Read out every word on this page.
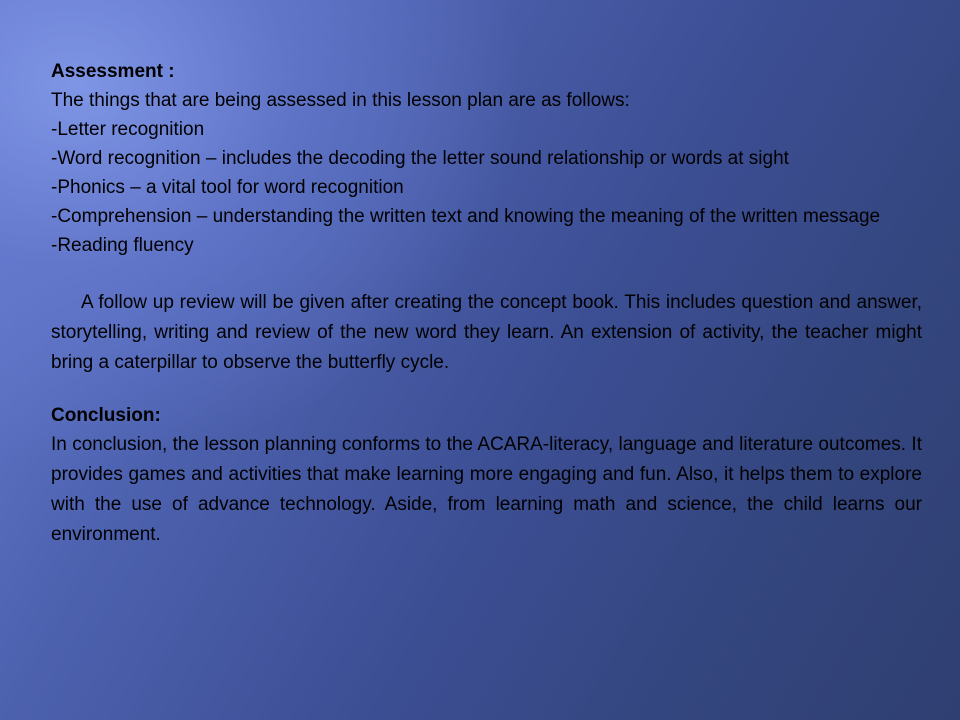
Assessment :
The things that are being assessed in this lesson plan are as follows:
-Letter recognition
-Word recognition – includes the decoding the letter sound relationship or words at sight
-Phonics – a vital tool for word recognition
-Comprehension – understanding the written text and knowing the meaning of the written message
-Reading fluency
A follow up review will be given after creating the concept book. This includes question and answer, storytelling, writing and review of the new word they learn. An extension of activity, the teacher might bring a caterpillar to observe the butterfly cycle.
Conclusion:
In conclusion, the lesson planning conforms to the ACARA-literacy, language and literature outcomes. It provides games and activities that make learning more engaging and fun. Also, it helps them to explore with the use of advance technology. Aside, from learning math and science, the child learns our environment.
